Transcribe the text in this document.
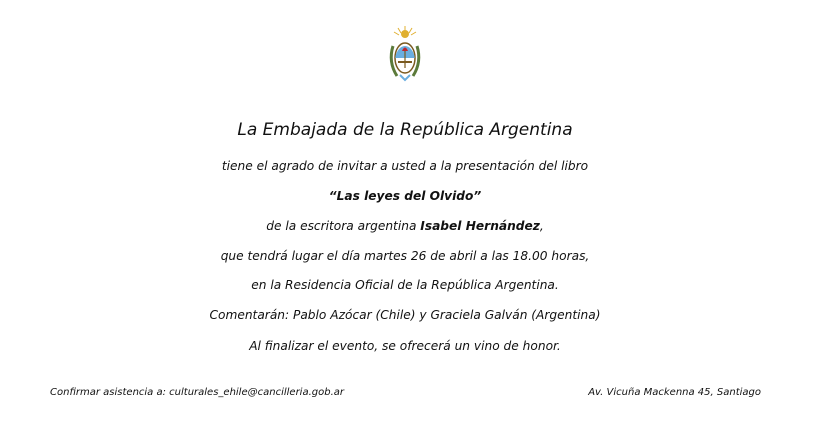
La Embajada de la República Argentina
tiene el agrado de invitar a usted a la presentación del libro
“Las leyes del Olvido”
de la escritora argentina Isabel Hernández,
que tendrá lugar el día martes 26 de abril a las 18.00 horas,
en la Residencia Oficial de la República Argentina.
Comentarán: Pablo Azócar (Chile) y Graciela Galván (Argentina)
Al finalizar el evento, se ofrecerá un vino de honor.
Confirmar asistencia a: culturales_ehile@cancilleria.gob.ar	Av. Vicuña Mackenna 45, Santiago
